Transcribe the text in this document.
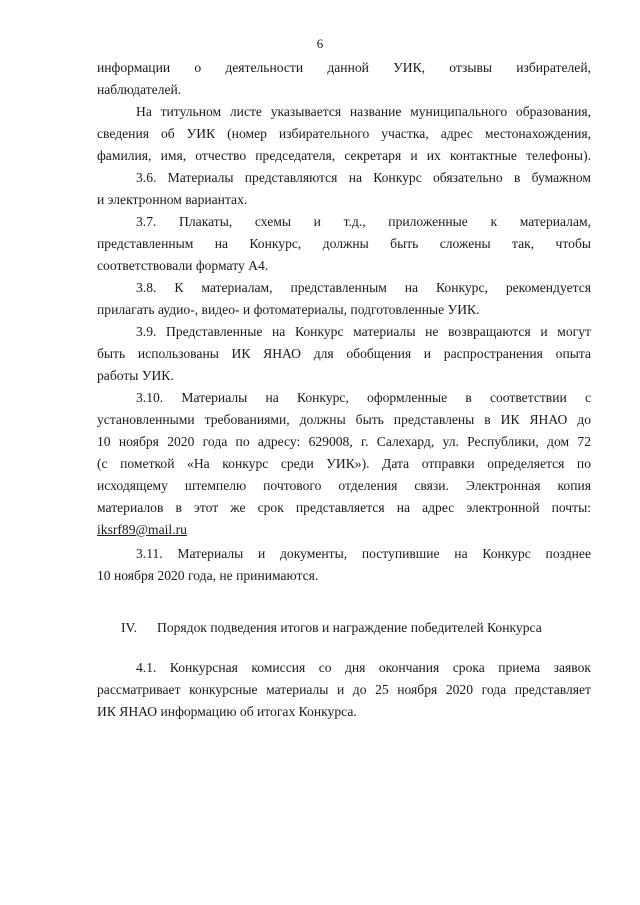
6
информации о деятельности данной УИК, отзывы избирателей,
наблюдателей.
На титульном листе указывается название муниципального образования,
сведения об УИК (номер избирательного участка, адрес местонахождения,
фамилия, имя, отчество председателя, секретаря и их контактные телефоны).
3.6. Материалы представляются на Конкурс обязательно в бумажном
и электронном вариантах.
3.7. Плакаты, схемы и т.д., приложенные к материалам,
представленным на Конкурс, должны быть сложены так, чтобы
соответствовали формату А4.
3.8. К материалам, представленным на Конкурс, рекомендуется
прилагать аудио-, видео- и фотоматериалы, подготовленные УИК.
3.9. Представленные на Конкурс материалы не возвращаются и могут
быть использованы ИК ЯНАО для обобщения и распространения опыта
работы УИК.
3.10. Материалы на Конкурс, оформленные в соответствии с
установленными требованиями, должны быть представлены в ИК ЯНАО до
10 ноября 2020 года по адресу: 629008, г. Салехард, ул. Республики, дом 72
(с пометкой «На конкурс среди УИК»). Дата отправки определяется по
исходящему штемпелю почтового отделения связи. Электронная копия
материалов в этот же срок представляется на адрес электронной почты:
iksrf89@mail.ru
3.11. Материалы и документы, поступившие на Конкурс позднее
10 ноября 2020 года, не принимаются.
IV. Порядок подведения итогов и награждение победителей Конкурса
4.1. Конкурсная комиссия со дня окончания срока приема заявок
рассматривает конкурсные материалы и до 25 ноября 2020 года представляет
ИК ЯНАО информацию об итогах Конкурса.
